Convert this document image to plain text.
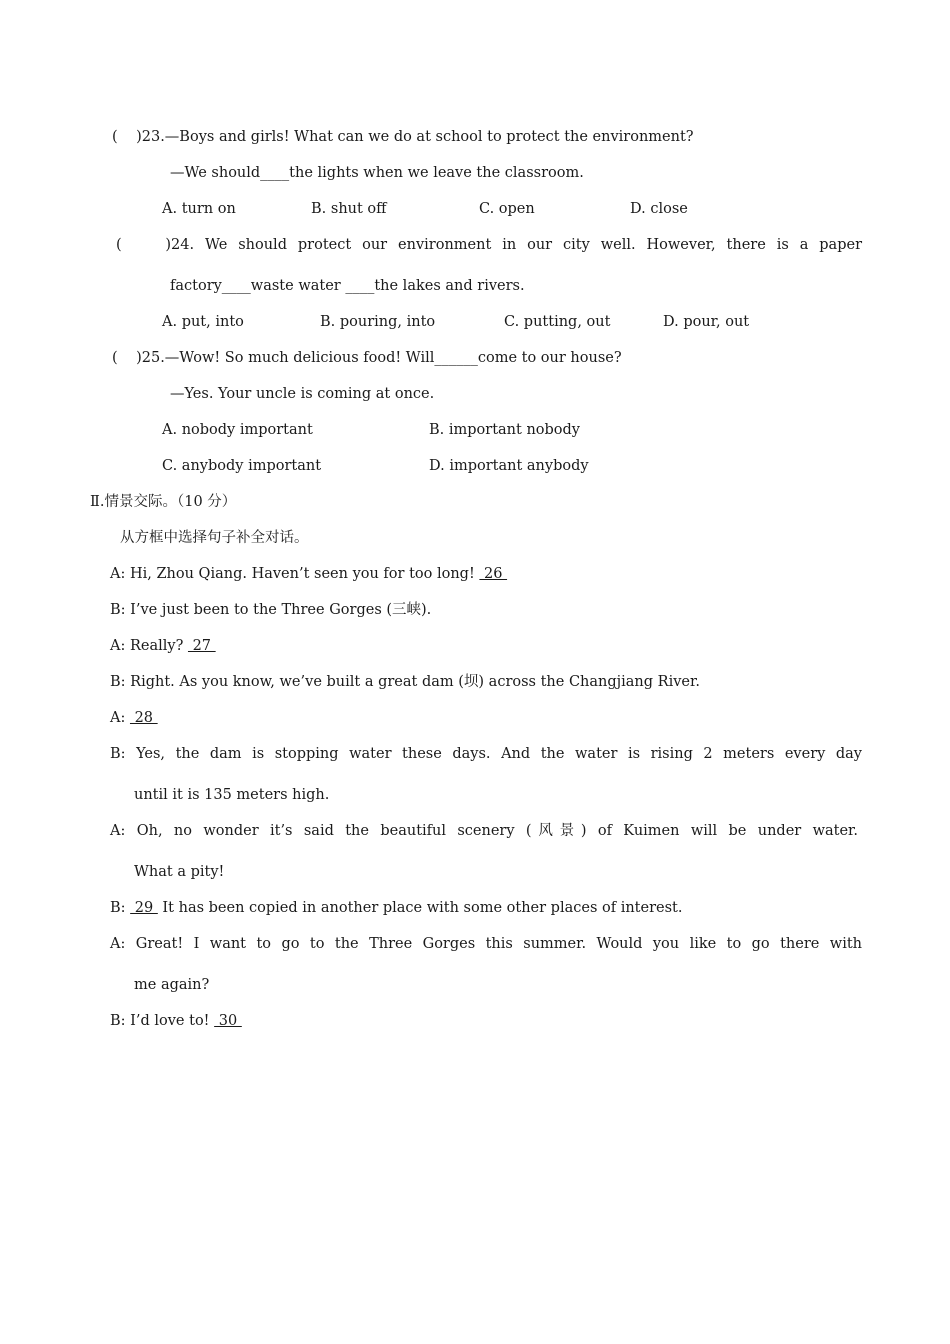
(    )23.—Boys and girls! What can we do at school to protect the environment?
—We should____the lights when we leave the classroom.
A. turn on	B. shut off	C. open	D. close
(    )24. We should protect our environment in our city well. However, there is a paper
factory____waste water ____the lakes and rivers.
A. put, into	B. pouring, into	C. putting, out	D. pour, out
(    )25.—Wow! So much delicious food! Will______come to our house?
—Yes. Your uncle is coming at once.
A. nobody important	B. important nobody
C. anybody important	D. important anybody
Ⅱ.情景交际。（10 分）
从方框中选择句子补全对话。
A: Hi, Zhou Qiang. Haven’t seen you for too long!  26
B: I’ve just been to the Three Gorges (三峡).
A: Really?  27
B: Right. As you know, we’ve built a great dam (坝) across the Changjiang River.
A:  28
B: Yes, the dam is stopping water these days. And the water is rising 2 meters every day
until it is 135 meters high.
A: Oh, no wonder it’s said the beautiful scenery (风景) of Kuimen will be under water.
What a pity!
B:  29  It has been copied in another place with some other places of interest.
A: Great! I want to go to the Three Gorges this summer. Would you like to go there with
me again?
B: I’d love to!  30
